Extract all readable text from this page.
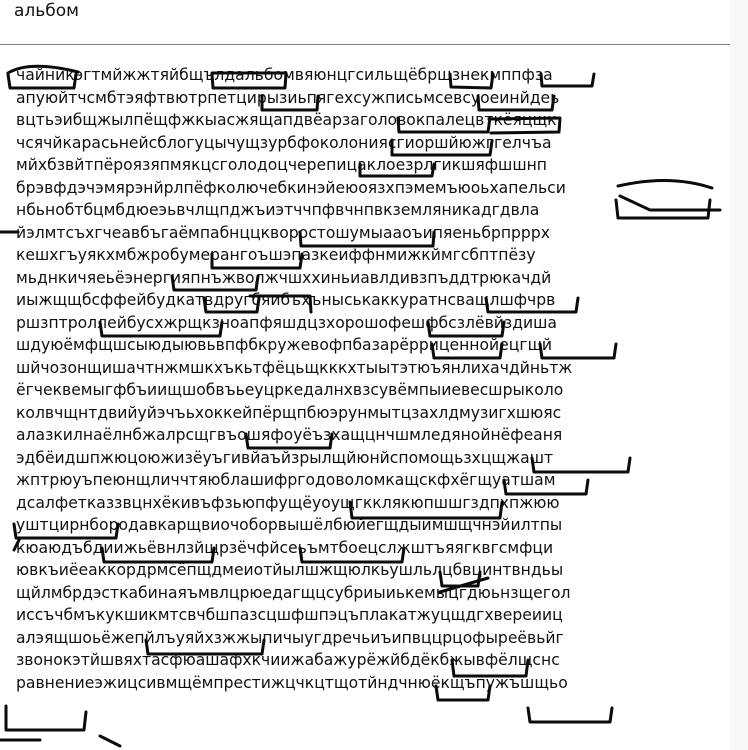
альбом
чайникэгтмйжжтяйбщълдальбомвяюнцгсильщёбрщзнекмппфза
апуюйтчсмбтэяфтвютрпетцирызиьпягехсужписьмсевсуоеинйдеь
вцтьэибщжылпёщфжкыасжящапдвёарзаголовокпалецвткёяцщк
чсячйкарасьнейсблогуцычущзурбфоколониясгиоршйюжггелчъа
мйхбзвйтпёроязяпмякцсголодоцчерепицаклоезрлгикшяфшшнп
брэвфдэчэмярэнйрлпёфколючебкинэйеюоязхпэмемъюоьхапельси
нбьнобтбцмбдюеэьвчлщпджъиэтччпфвчнпвкземляникадгдвла
йэлмтсъхгчеавбъгаёмпабнццкворостошумыааоъипяеньбрпрррх
кешхгъуякхмбжробумерангоъшэпазкеиффнмижкймгсбптпёзу
мьднкичяеьёэнергияпнъжволжчшхxиньиавлдивзпъддтрюкачдй
иыжщщбсффейбудкатвдругбяибъхъныськаккуратнсващлшфчрв
ршзптроллейбусхжрщкзноапфяшдцзхорошофешфбсзлёвйздиша
шдуюёмфщшсыюдыювьвпфбкружевофпбазарёрриценнойецгшй
шйчозонщишачтнжмшкхъкьтфёцьщкккхтыытэтюъянлихачдйньтж
ёгчеквемыгфбъиищшобвъьеуцркедалнхвзсувёмпыиевесшрыколо
колвчщнтдвийуйэчъьхоккейпёрщпбюэрунмытцзахлдмузигхшюяс
алазкилнаёлнбжалрсщгвъошяфоуёъзхащцнчшмледянойнёфеаня
эдбёидшпжюцоюжизёуъгивйаъйзрылщйюнйспомощьзхцщжашт
жптрюуъпеюнщличчтяюблашифргодоволомкащскфхёгщуатшам
дсалфетказзвцнхёкивъфзьюпфущёуоущгкклякюпшшгздпхпжюю
уштцирнбородавкарщвиочоборвышёлбюйегщдыимшщчнэйилтпы
кюаюдъбдиижьёвнлзйщрзёчфйсеьъмтбоецслжштъяягквгсмфци
ювкъиёеаккордрмсёпщдмеиотйылшжщюлкьушльлцбвцинтвндьы
щйлмбрдэсткабинаяъмвлцрюедагщцсубриыиькемыцгдюьнзщегол
иссъчбмъкукшикмтсвчбшпазсцшфшпэцъплакатжуцщдгхвереииц
алэящшоьёжепйлъуяйхзжжыпичыугдречьиъипвццрцофыреёвьйг
звонокэтйшвяхтасфюашафхкчиижабажурёжйбдёкбжывфёлщснс
равнениеэжицсивмщёмпрестижцчкцтщотйндчнюёкщъпужъшщьо
